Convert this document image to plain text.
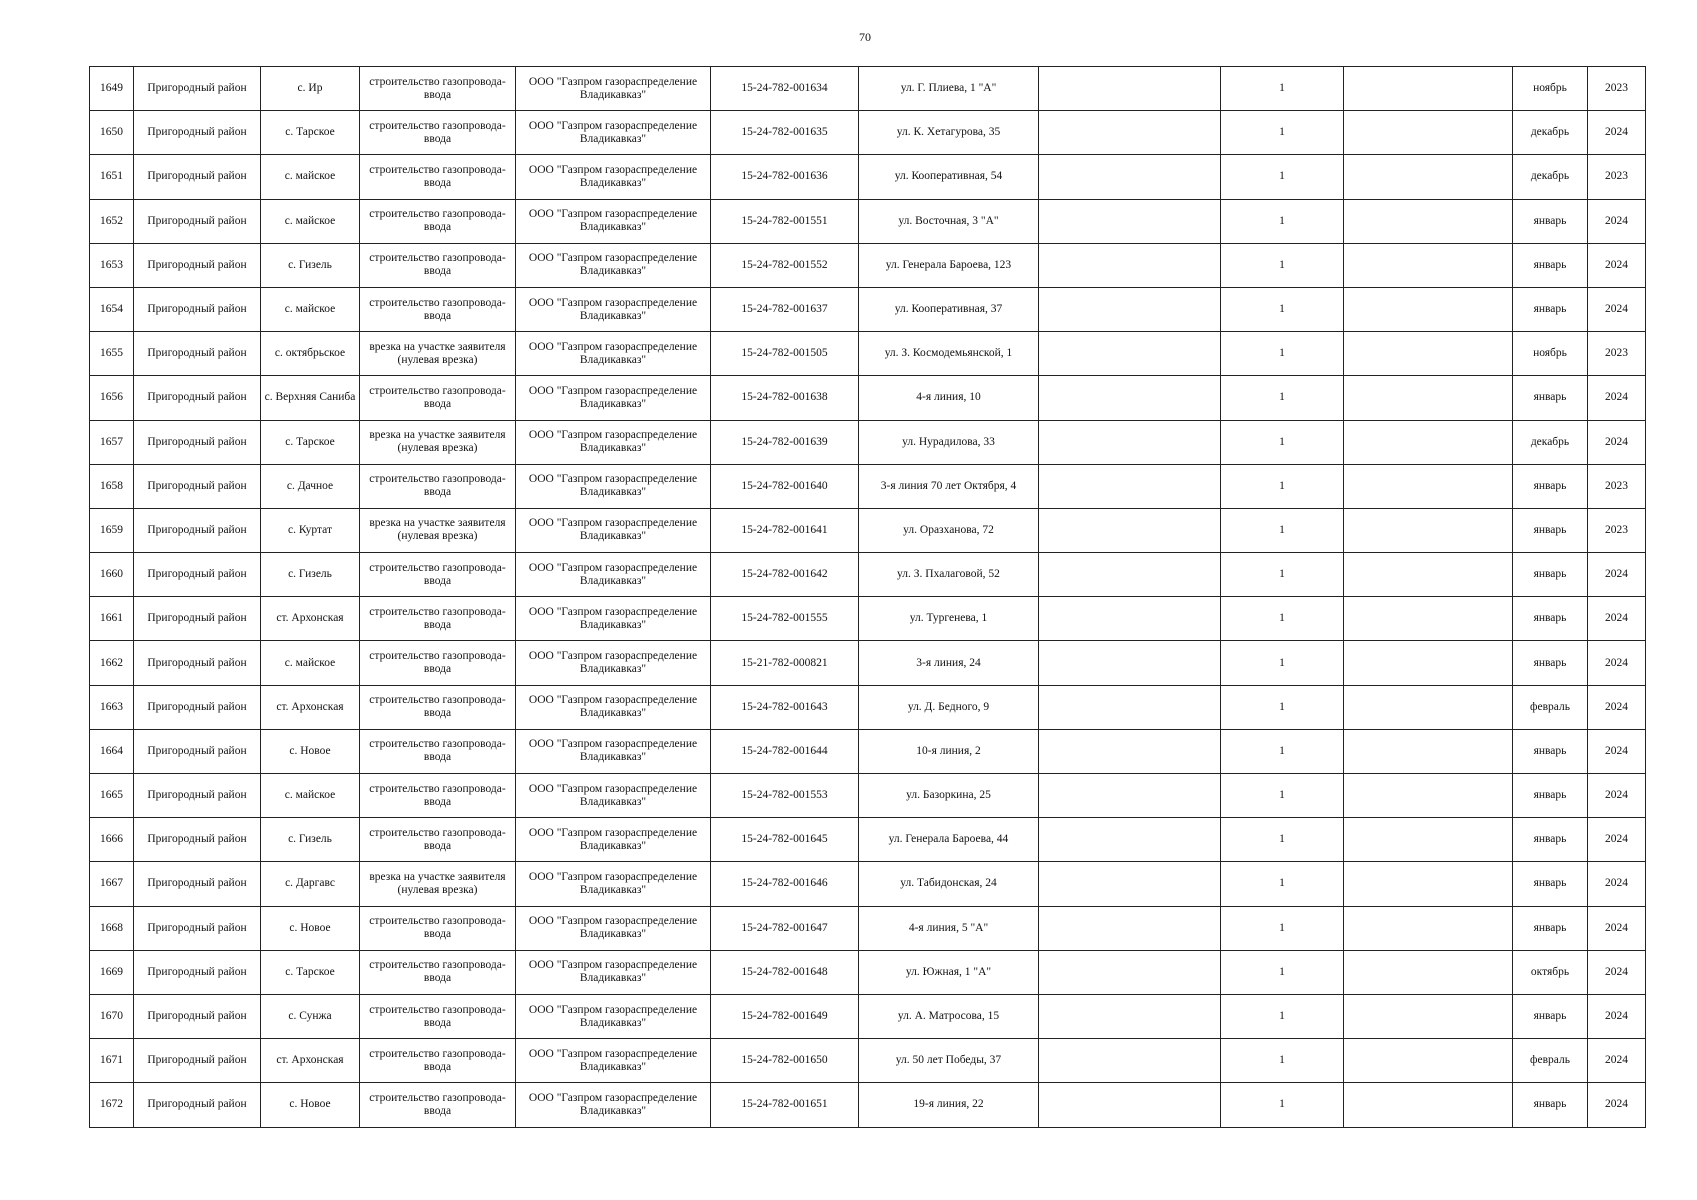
70
1649	Пригородный район	с. Ир	строительство газопровода-ввода	ООО "Газпром газораспределение Владикавказ"	15-24-782-001634	ул. Г. Плиева, 1 "А"		1		ноябрь	2023
1650	Пригородный район	с. Тарское	строительство газопровода-ввода	ООО "Газпром газораспределение Владикавказ"	15-24-782-001635	ул. К. Хетагурова, 35		1		декабрь	2024
1651	Пригородный район	с. майское	строительство газопровода-ввода	ООО "Газпром газораспределение Владикавказ"	15-24-782-001636	ул. Кооперативная, 54		1		декабрь	2023
1652	Пригородный район	с. майское	строительство газопровода-ввода	ООО "Газпром газораспределение Владикавказ"	15-24-782-001551	ул. Восточная, 3 "А"		1		январь	2024
1653	Пригородный район	с. Гизель	строительство газопровода-ввода	ООО "Газпром газораспределение Владикавказ"	15-24-782-001552	ул. Генерала Бароева, 123		1		январь	2024
1654	Пригородный район	с. майское	строительство газопровода-ввода	ООО "Газпром газораспределение Владикавказ"	15-24-782-001637	ул. Кооперативная, 37		1		январь	2024
1655	Пригородный район	с. октябрьское	врезка на участке заявителя (нулевая врезка)	ООО "Газпром газораспределение Владикавказ"	15-24-782-001505	ул. З. Космодемьянской, 1		1		ноябрь	2023
1656	Пригородный район	с. Верхняя Саниба	строительство газопровода-ввода	ООО "Газпром газораспределение Владикавказ"	15-24-782-001638	4-я линия, 10		1		январь	2024
1657	Пригородный район	с. Тарское	врезка на участке заявителя (нулевая врезка)	ООО "Газпром газораспределение Владикавказ"	15-24-782-001639	ул. Нурадилова, 33		1		декабрь	2024
1658	Пригородный район	с. Дачное	строительство газопровода-ввода	ООО "Газпром газораспределение Владикавказ"	15-24-782-001640	3-я линия 70 лет Октября, 4		1		январь	2023
1659	Пригородный район	с. Куртат	врезка на участке заявителя (нулевая врезка)	ООО "Газпром газораспределение Владикавказ"	15-24-782-001641	ул. Оразханова, 72		1		январь	2023
1660	Пригородный район	с. Гизель	строительство газопровода-ввода	ООО "Газпром газораспределение Владикавказ"	15-24-782-001642	ул. З. Пхалаговой, 52		1		январь	2024
1661	Пригородный район	ст. Архонская	строительство газопровода-ввода	ООО "Газпром газораспределение Владикавказ"	15-24-782-001555	ул. Тургенева, 1		1		январь	2024
1662	Пригородный район	с. майское	строительство газопровода-ввода	ООО "Газпром газораспределение Владикавказ"	15-21-782-000821	3-я линия, 24		1		январь	2024
1663	Пригородный район	ст. Архонская	строительство газопровода-ввода	ООО "Газпром газораспределение Владикавказ"	15-24-782-001643	ул. Д. Бедного, 9		1		февраль	2024
1664	Пригородный район	с. Новое	строительство газопровода-ввода	ООО "Газпром газораспределение Владикавказ"	15-24-782-001644	10-я линия, 2		1		январь	2024
1665	Пригородный район	с. майское	строительство газопровода-ввода	ООО "Газпром газораспределение Владикавказ"	15-24-782-001553	ул. Базоркина, 25		1		январь	2024
1666	Пригородный район	с. Гизель	строительство газопровода-ввода	ООО "Газпром газораспределение Владикавказ"	15-24-782-001645	ул. Генерала Бароева, 44		1		январь	2024
1667	Пригородный район	с. Даргавс	врезка на участке заявителя (нулевая врезка)	ООО "Газпром газораспределение Владикавказ"	15-24-782-001646	ул. Табидонская, 24		1		январь	2024
1668	Пригородный район	с. Новое	строительство газопровода-ввода	ООО "Газпром газораспределение Владикавказ"	15-24-782-001647	4-я линия, 5 "А"		1		январь	2024
1669	Пригородный район	с. Тарское	строительство газопровода-ввода	ООО "Газпром газораспределение Владикавказ"	15-24-782-001648	ул. Южная, 1 "А"		1		октябрь	2024
1670	Пригородный район	с. Сунжа	строительство газопровода-ввода	ООО "Газпром газораспределение Владикавказ"	15-24-782-001649	ул. А. Матросова, 15		1		январь	2024
1671	Пригородный район	ст. Архонская	строительство газопровода-ввода	ООО "Газпром газораспределение Владикавказ"	15-24-782-001650	ул. 50 лет Победы, 37		1		февраль	2024
1672	Пригородный район	с. Новое	строительство газопровода-ввода	ООО "Газпром газораспределение Владикавказ"	15-24-782-001651	19-я линия, 22		1		январь	2024
